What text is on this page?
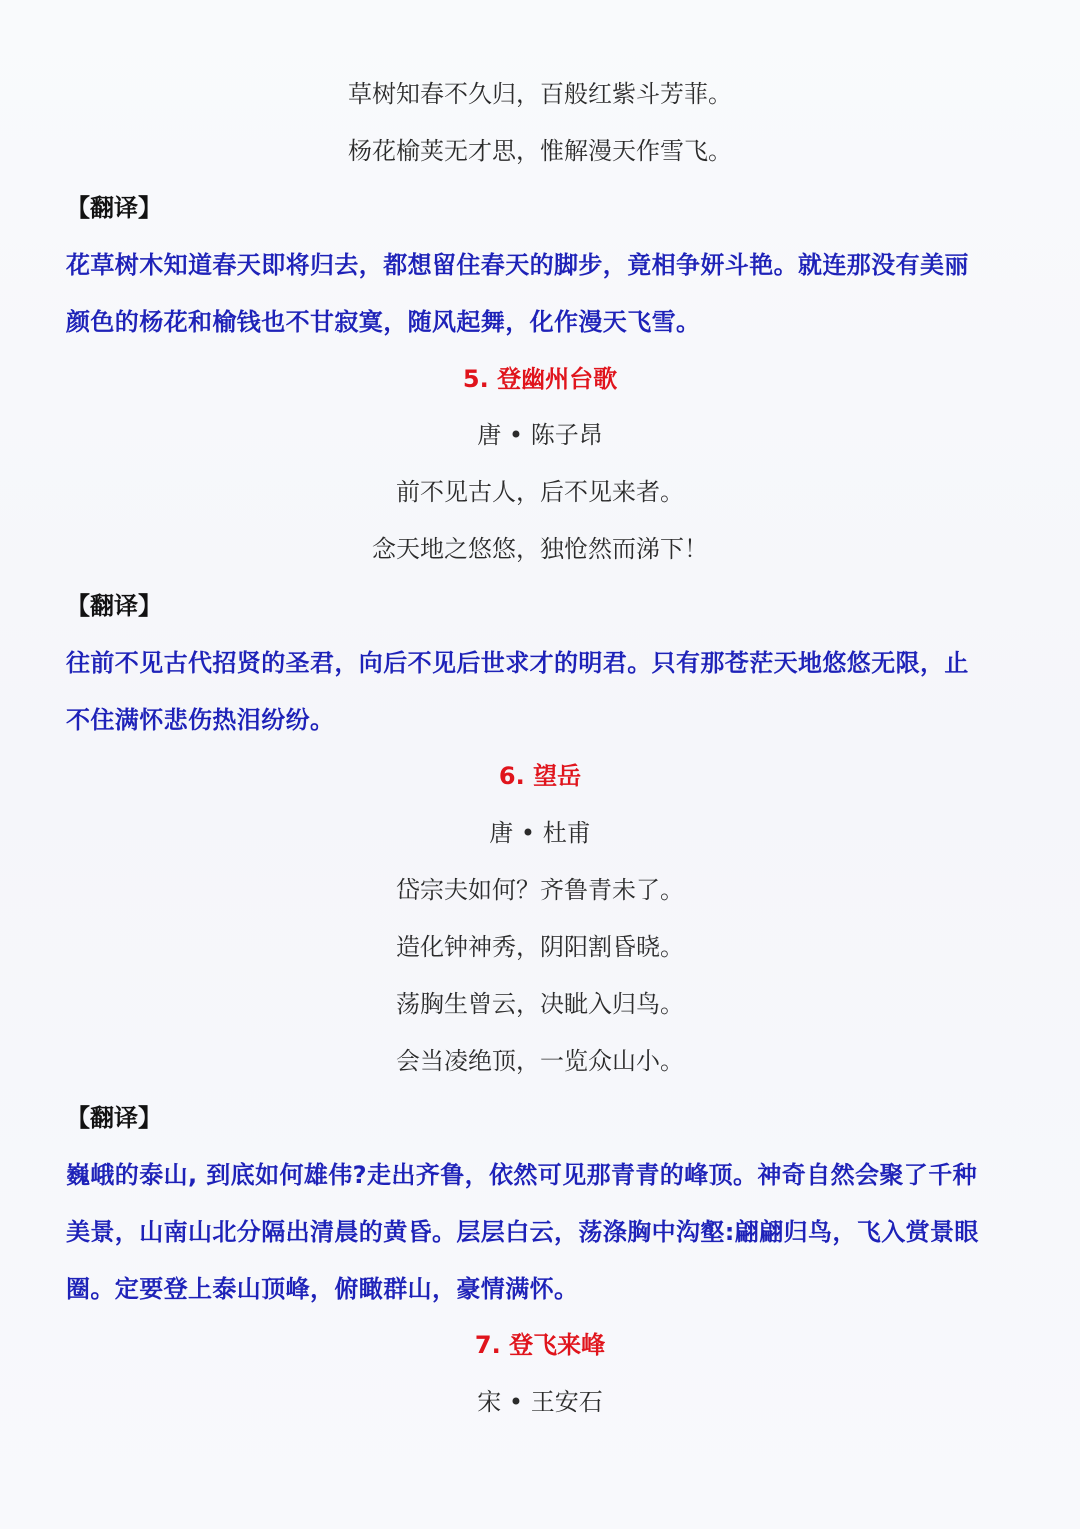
草树知春不久归，百般红紫斗芳菲。
杨花榆荚无才思，惟解漫天作雪飞。
【翻译】
花草树木知道春天即将归去，都想留住春天的脚步，竟相争妍斗艳。就连那没有美丽
颜色的杨花和榆钱也不甘寂寞，随风起舞，化作漫天飞雪。
5. 登幽州台歌
唐 • 陈子昂
前不见古人，后不见来者。
念天地之悠悠，独怆然而涕下！
【翻译】
往前不见古代招贤的圣君，向后不见后世求才的明君。只有那苍茫天地悠悠无限，止
不住满怀悲伤热泪纷纷。
6. 望岳
唐 • 杜甫
岱宗夫如何？齐鲁青未了。
造化钟神秀，阴阳割昏晓。
荡胸生曾云，决眦入归鸟。
会当凌绝顶，一览众山小。
【翻译】
巍峨的泰山, 到底如何雄伟?走出齐鲁，依然可见那青青的峰顶。神奇自然会聚了千种
美景，山南山北分隔出清晨的黄昏。层层白云，荡涤胸中沟壑:翩翩归鸟，飞入赏景眼
圈。定要登上泰山顶峰，俯瞰群山，豪情满怀。
7. 登飞来峰
宋 • 王安石
